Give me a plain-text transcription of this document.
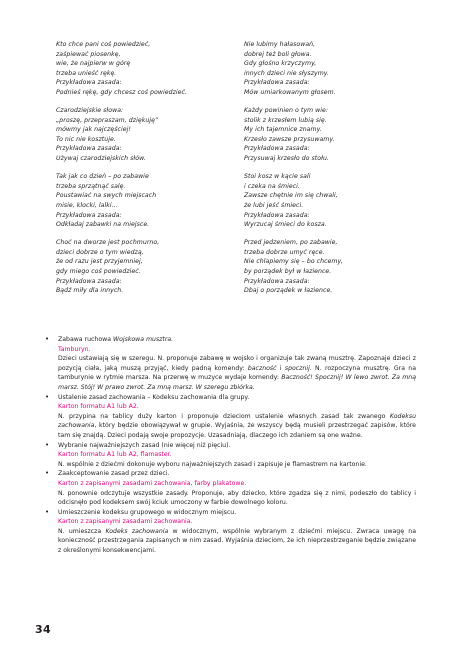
Kto chce pani coś powiedzieć,
zaśpiewać piosenkę,
wie, że najpierw w górę
trzeba unieść rękę.
Przykładowa zasada:
Podnieś rękę, gdy chcesz coś powiedzieć.
Nie lubimy hałasowań,
dobrej też boli głowa.
Gdy głośno krzyczymy,
innych dzieci nie słyszymy.
Przykładowa zasada:
Mów umiarkowanym głosem.
Czarodziejskie słowa:
„proszę, przepraszam, dziękuję”
mówmy jak najczęściej!
To nic nie kosztuje.
Przykładowa zasada:
Używaj czarodziejskich słów.
Każdy powinien o tym wie:
stolik z krzesłem lubią się.
My ich tajemnice znamy.
Krzesło zawsze przysuwamy.
Przykładowa zasada:
Przysuwaj krzesło do stołu.
Tak jak co dzień – po zabawie
trzeba sprzątnąć salę.
Poustawiać na swych miejscach
misie, klocki, lalki...
Przykładowa zasada:
Odkładaj zabawki na miejsce.
Stoi kosz w kącie sali
i czeka na śmieci.
Zawsze chętnie im się chwali,
że lubi jeść śmieci.
Przykładowa zasada:
Wyrzucaj śmieci do kosza.
Choć na dworze jest pochmurno,
dzieci dobrze o tym wiedzą,
że od razu jest przyjemniej,
gdy miego coś powiedzieć.
Przykładowa zasada:
Bądź miły dla innych.
Przed jedzeniem, po zabawie,
trzeba dobrze umyć ręce.
Nie chlapiemy się – bo chcemy,
by porządek był w łazience.
Przykładowa zasada:
Dbaj o porządek w łazience.
• Zabawa ruchowa Wojskowa musztra.
Tamburyn.
Dzieci ustawiają się w szeregu. N. proponuje zabawę w wojsko i organizuje tak zwaną musztrę. Zapoznaje dzieci z pozycją ciała, jaką muszą przyjąć, kiedy padną komendy: baczność i spocznij. N. rozpoczyna musztrę. Gra na tamburynie w rytmie marsza. Na przerwę w muzyce wydaje komendy: Baczność! Spocznij! W lewo zwrot. Za mną marsz. Stój! W prawo zwrot. Za mną marsz. W szeregu zbiórka.
• Ustalenie zasad zachowania – Kodeksu zachowania dla grupy.
Karton formatu A1 lub A2.
N. przypina na tablicy duży karton i proponuje dzieciom ustalenie własnych zasad tak zwanego Kodeksu zachowania, który będzie obowiązywał w grupie. Wyjaśnia, że wszyscy będą musieli przestrzegać zapisów, które tam się znajdą. Dzieci podają swoje propozycje. Uzasadniają, dlaczego ich zdaniem są one ważne.
• Wybranie najważniejszych zasad (nie więcej niż pięciu).
Karton formatu A1 lub A2, flamaster.
N. wspólnie z dziećmi dokonuje wyboru najważniejszych zasad i zapisuje je flamastrem na kartonie.
• Zaakceptowanie zasad przez dzieci.
Karton z zapisanymi zasadami zachowania, farby plakatowe.
N. ponownie odczytuje wszystkie zasady. Proponuje, aby dziecko, które zgadza się z nimi, podeszło do tablicy i odcisnęło pod kodeksem swój kciuk umoczony w farbie dowolnego koloru.
• Umieszczenie kodeksu grupowego w widocznym miejscu.
Karton z zapisanymi zasadami zachowania.
N. umieszcza Kodeks zachowania w widocznym, wspólnie wybranym z dziećmi miejscu. Zwraca uwagę na konieczność przestrzegania zapisanych w nim zasad. Wyjaśnia dzieciom, że ich nieprzestrzeganie będzie związane z określonymi konsekwencjami.
34
